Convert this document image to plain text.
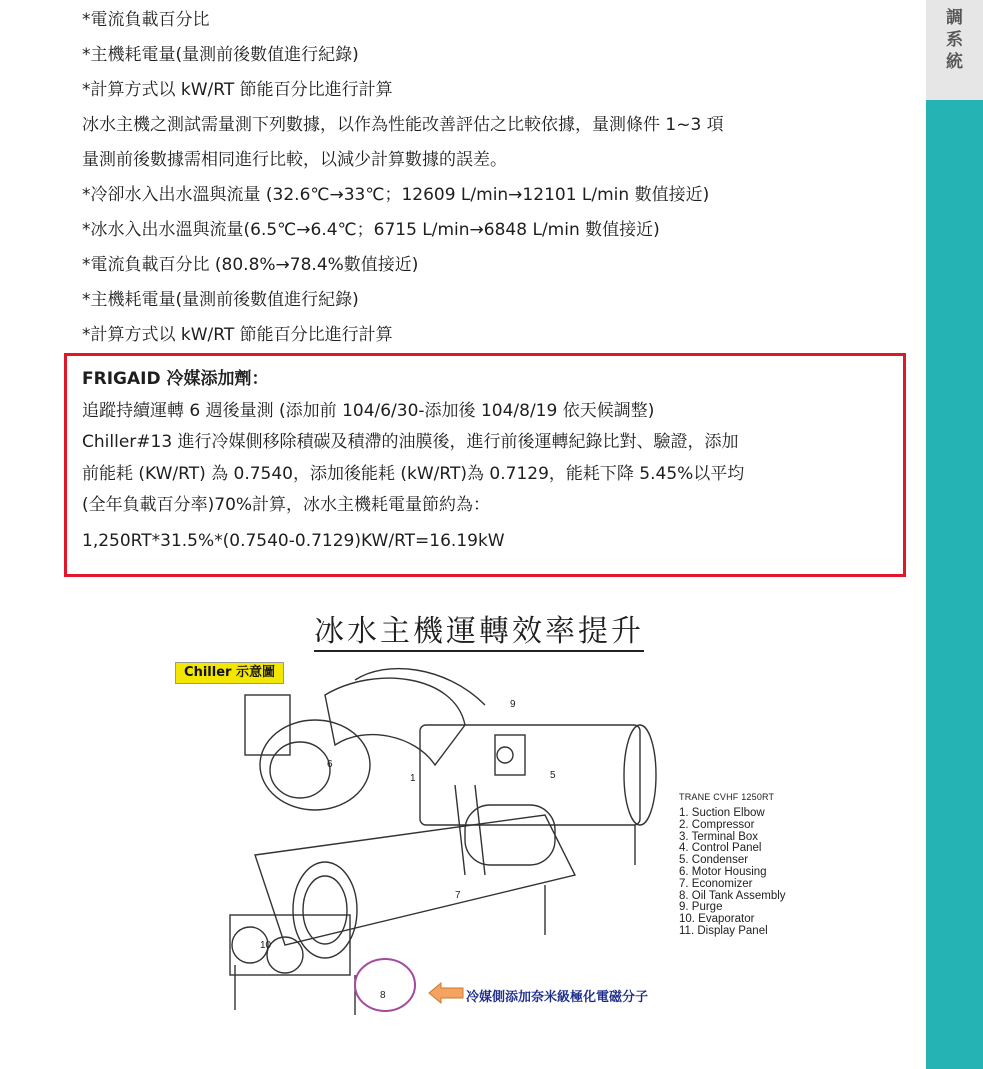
*電流負載百分比
*主機耗電量(量測前後數值進行紀錄)
*計算方式以 kW/RT 節能百分比進行計算
冰水主機之測試需量測下列數據，以作為性能改善評估之比較依據，量測條件 1~3 項
量測前後數據需相同進行比較，以減少計算數據的誤差。
*冷卻水入出水溫與流量 (32.6℃→33℃；12609 L/min→12101 L/min 數值接近)
*冰水入出水溫與流量(6.5℃→6.4℃；6715 L/min→6848 L/min 數值接近)
*電流負載百分比 (80.8%→78.4%數值接近)
*主機耗電量(量測前後數值進行紀錄)
*計算方式以 kW/RT 節能百分比進行計算
FRIGAID 冷媒添加劑：
追蹤持續運轉 6 週後量測 (添加前 104/6/30-添加後 104/8/19 依天候調整)
Chiller#13 進行冷媒側移除積碳及積滯的油膜後，進行前後運轉紀錄比對、驗證，添加
前能耗 (KW/RT) 為 0.7540，添加後能耗 (kW/RT)為 0.7129，能耗下降 5.45%以平均
(全年負載百分率)70%計算，冰水主機耗電量節約為：
1,250RT*31.5%*(0.7540-0.7129)KW/RT=16.19kW
調
系
統
冰水主機運轉效率提升
Chiller 示意圖
9
6
5
1
7
10
8
TRANE CVHF 1250RT
1. Suction Elbow
2. Compressor
3. Terminal Box
4. Control Panel
5. Condenser
6. Motor Housing
7. Economizer
8. Oil Tank Assembly
9. Purge
10. Evaporator
11. Display Panel
冷媒側添加奈米級極化電磁分子
